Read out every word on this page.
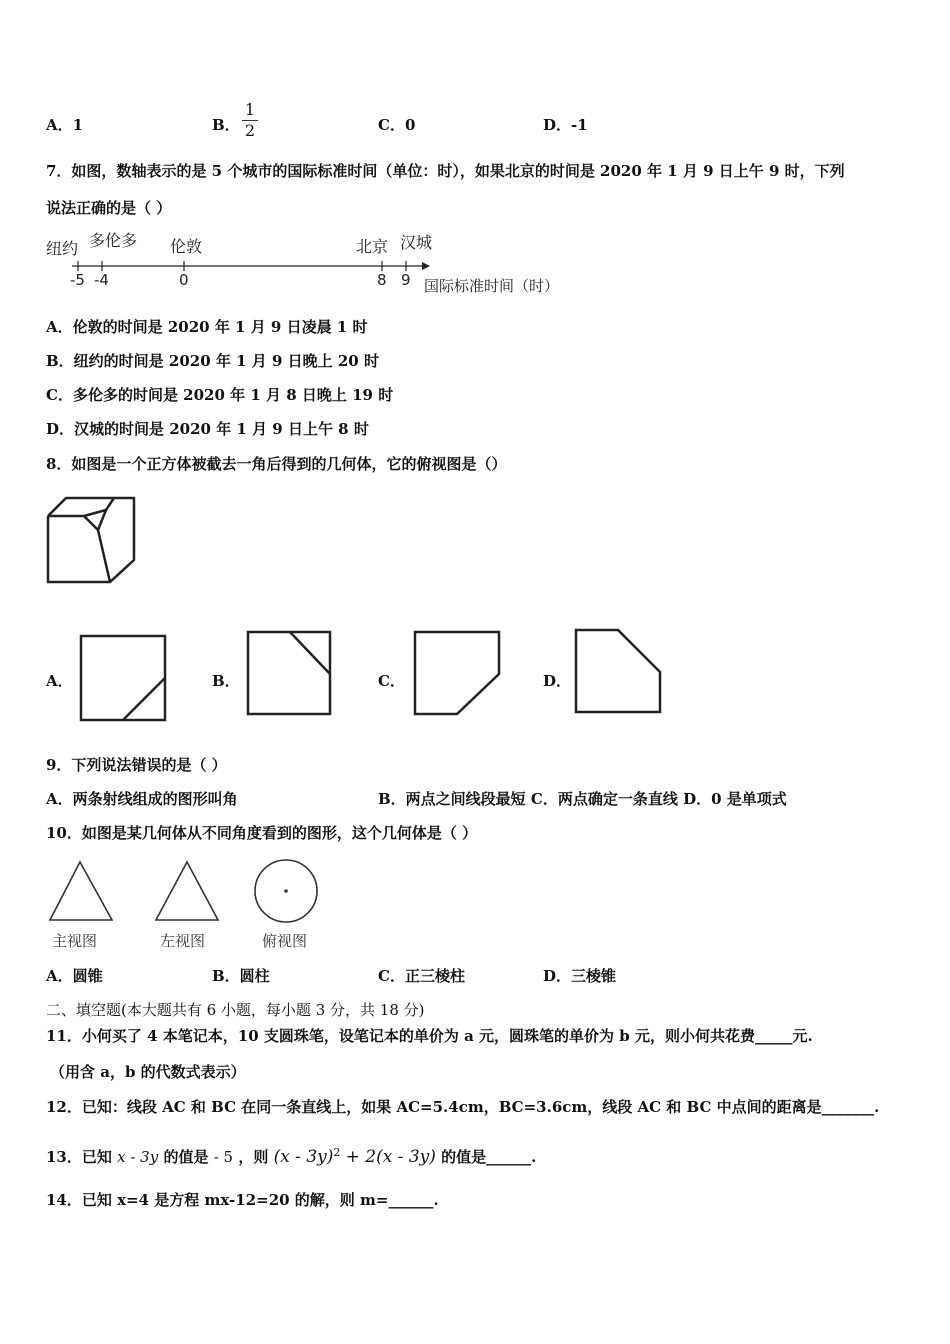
A．1	B．
1
2	C．0	D．-1
7．如图，数轴表示的是 5 个城市的国际标准时间（单位：时），如果北京的时间是 2020 年 1 月 9 日上午 9 时，下列
说法正确的是（ ）
纽约 多伦多 伦敦	北京 汉城
-5 -4	0	8 9 国际标准时间（时）
A．伦敦的时间是 2020 年 1 月 9 日凌晨 1 时
B．纽约的时间是 2020 年 1 月 9 日晚上 20 时
C．多伦多的时间是 2020 年 1 月 8 日晚上 19 时
D．汉城的时间是 2020 年 1 月 9 日上午 8 时
8．如图是一个正方体被截去一角后得到的几何体，它的俯视图是（）
A．	B．	C．	D．
9．下列说法错误的是（ ）
A．两条射线组成的图形叫角	B．两点之间线段最短 C．两点确定一条直线 D．0 是单项式
10．如图是某几何体从不同角度看到的图形，这个几何体是（ ）
主视图	左视图	俯视图
A．圆锥	B．圆柱	C．正三棱柱	D．三棱锥
二、填空题(本大题共有 6 小题，每小题 3 分，共 18 分)
11．小何买了 4 本笔记本，10 支圆珠笔，设笔记本的单价为 a 元，圆珠笔的单价为 b 元，则小何共花费_____元.
（用含 a，b 的代数式表示）
12．已知：线段 AC 和 BC 在同一条直线上，如果 AC=5.4cm，BC=3.6cm，线段 AC 和 BC 中点间的距离是_______.
13．已知 x - 3y 的值是 - 5 ，则 (x - 3y)$^2$ + 2(x - 3y) 的值是______.
14．已知 x=4 是方程 mx-12=20 的解，则 m=______.
